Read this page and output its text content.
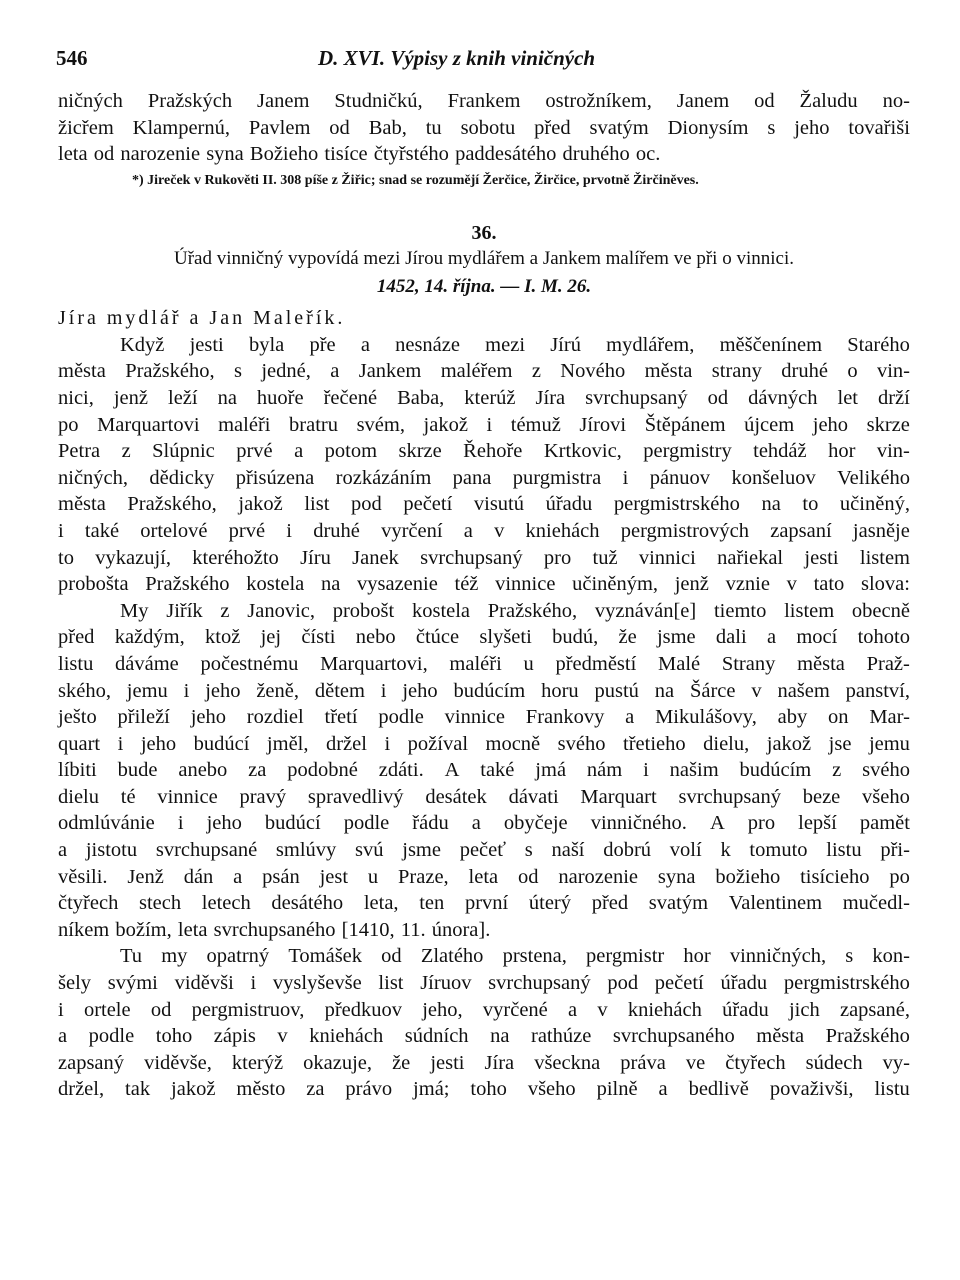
546	D. XVI. Výpisy z knih viničných
ničných Pražských Janem Studničkú, Frankem ostrožníkem, Janem od Žaludu no-
žicřem Klampernú, Pavlem od Bab, tu sobotu před svatým Dionysím s jeho tovařiši
leta od narozenie syna Božieho tisíce čtyřstého paddesátého druhého oc.
*) Jireček v Rukověti II. 308 píše z Žiřic; snad se rozumějí Žerčice, Žirčice, prvotně Žirčiněves.
36.
Úřad vinničný vypovídá mezi Jírou mydlářem a Jankem malířem ve při o vinnici.
1452, 14. října. — I. M. 26.
Jíra mydlář a Jan Maleřík.
Když jesti byla pře a nesnáze mezi Jírú mydlářem, měščenínem Starého
města Pražského, s jedné, a Jankem maléřem z Nového města strany druhé o vin-
nici, jenž leží na huoře řečené Baba, kterúž Jíra svrchupsaný od dávných let drží
po Marquartovi maléři bratru svém, jakož i témuž Jírovi Štěpánem újcem jeho skrze
Petra z Slúpnic prvé a potom skrze Řehoře Krtkovic, pergmistry tehdáž hor vin-
ničných, dědicky přisúzena rozkázáním pana purgmistra i pánuov konšeluov Velikého
města Pražského, jakož list pod pečetí visutú úřadu pergmistrského na to učiněný,
i také ortelové prvé i druhé vyrčení a v kniehách pergmistrových zapsaní jasněje
to vykazují, kteréhožto Jíru Janek svrchupsaný pro tuž vinnici nařiekal jesti listem
probošta Pražského kostela na vysazenie též vinnice učiněným, jenž vznie v tato slova:
My Jiřík z Janovic, probošt kostela Pražského, vyznáván[e] tiemto listem obecně
před každým, ktož jej čísti nebo čtúce slyšeti budú, že jsme dali a mocí tohoto
listu dáváme počestnému Marquartovi, maléři u předměstí Malé Strany města Praž-
ského, jemu i jeho ženě, dětem i jeho budúcím horu pustú na Šárce v našem panství,
ješto přileží jeho rozdiel třetí podle vinnice Frankovy a Mikulášovy, aby on Mar-
quart i jeho budúcí jměl, držel i požíval mocně svého třetieho dielu, jakož jse jemu
líbiti bude anebo za podobné zdáti. A také jmá nám i našim budúcím z svého
dielu té vinnice pravý spravedlivý desátek dávati Marquart svrchupsaný beze všeho
odmlúvánie i jeho budúcí podle řádu a obyčeje vinničného. A pro lepší pamět
a jistotu svrchupsané smlúvy svú jsme pečeť s naší dobrú volí k tomuto listu při-
věsili. Jenž dán a psán jest u Praze, leta od narozenie syna božieho tisícieho po
čtyřech stech letech desátého leta, ten první úterý před svatým Valentinem mučedl-
níkem božím, leta svrchupsaného [1410, 11. února].
Tu my opatrný Tomášek od Zlatého prstena, pergmistr hor vinničných, s kon-
šely svými viděvši i vyslyševše list Jíruov svrchupsaný pod pečetí úřadu pergmistrského
i ortele od pergmistruov, předkuov jeho, vyrčené a v kniehách úřadu jich zapsané,
a podle toho zápis v kniehách súdních na rathúze svrchupsaného města Pražského
zapsaný viděvše, kterýž okazuje, že jesti Jíra všeckna práva ve čtyřech súdech vy-
držel, tak jakož město za právo jmá; toho všeho pilně a bedlivě považivši, listu
